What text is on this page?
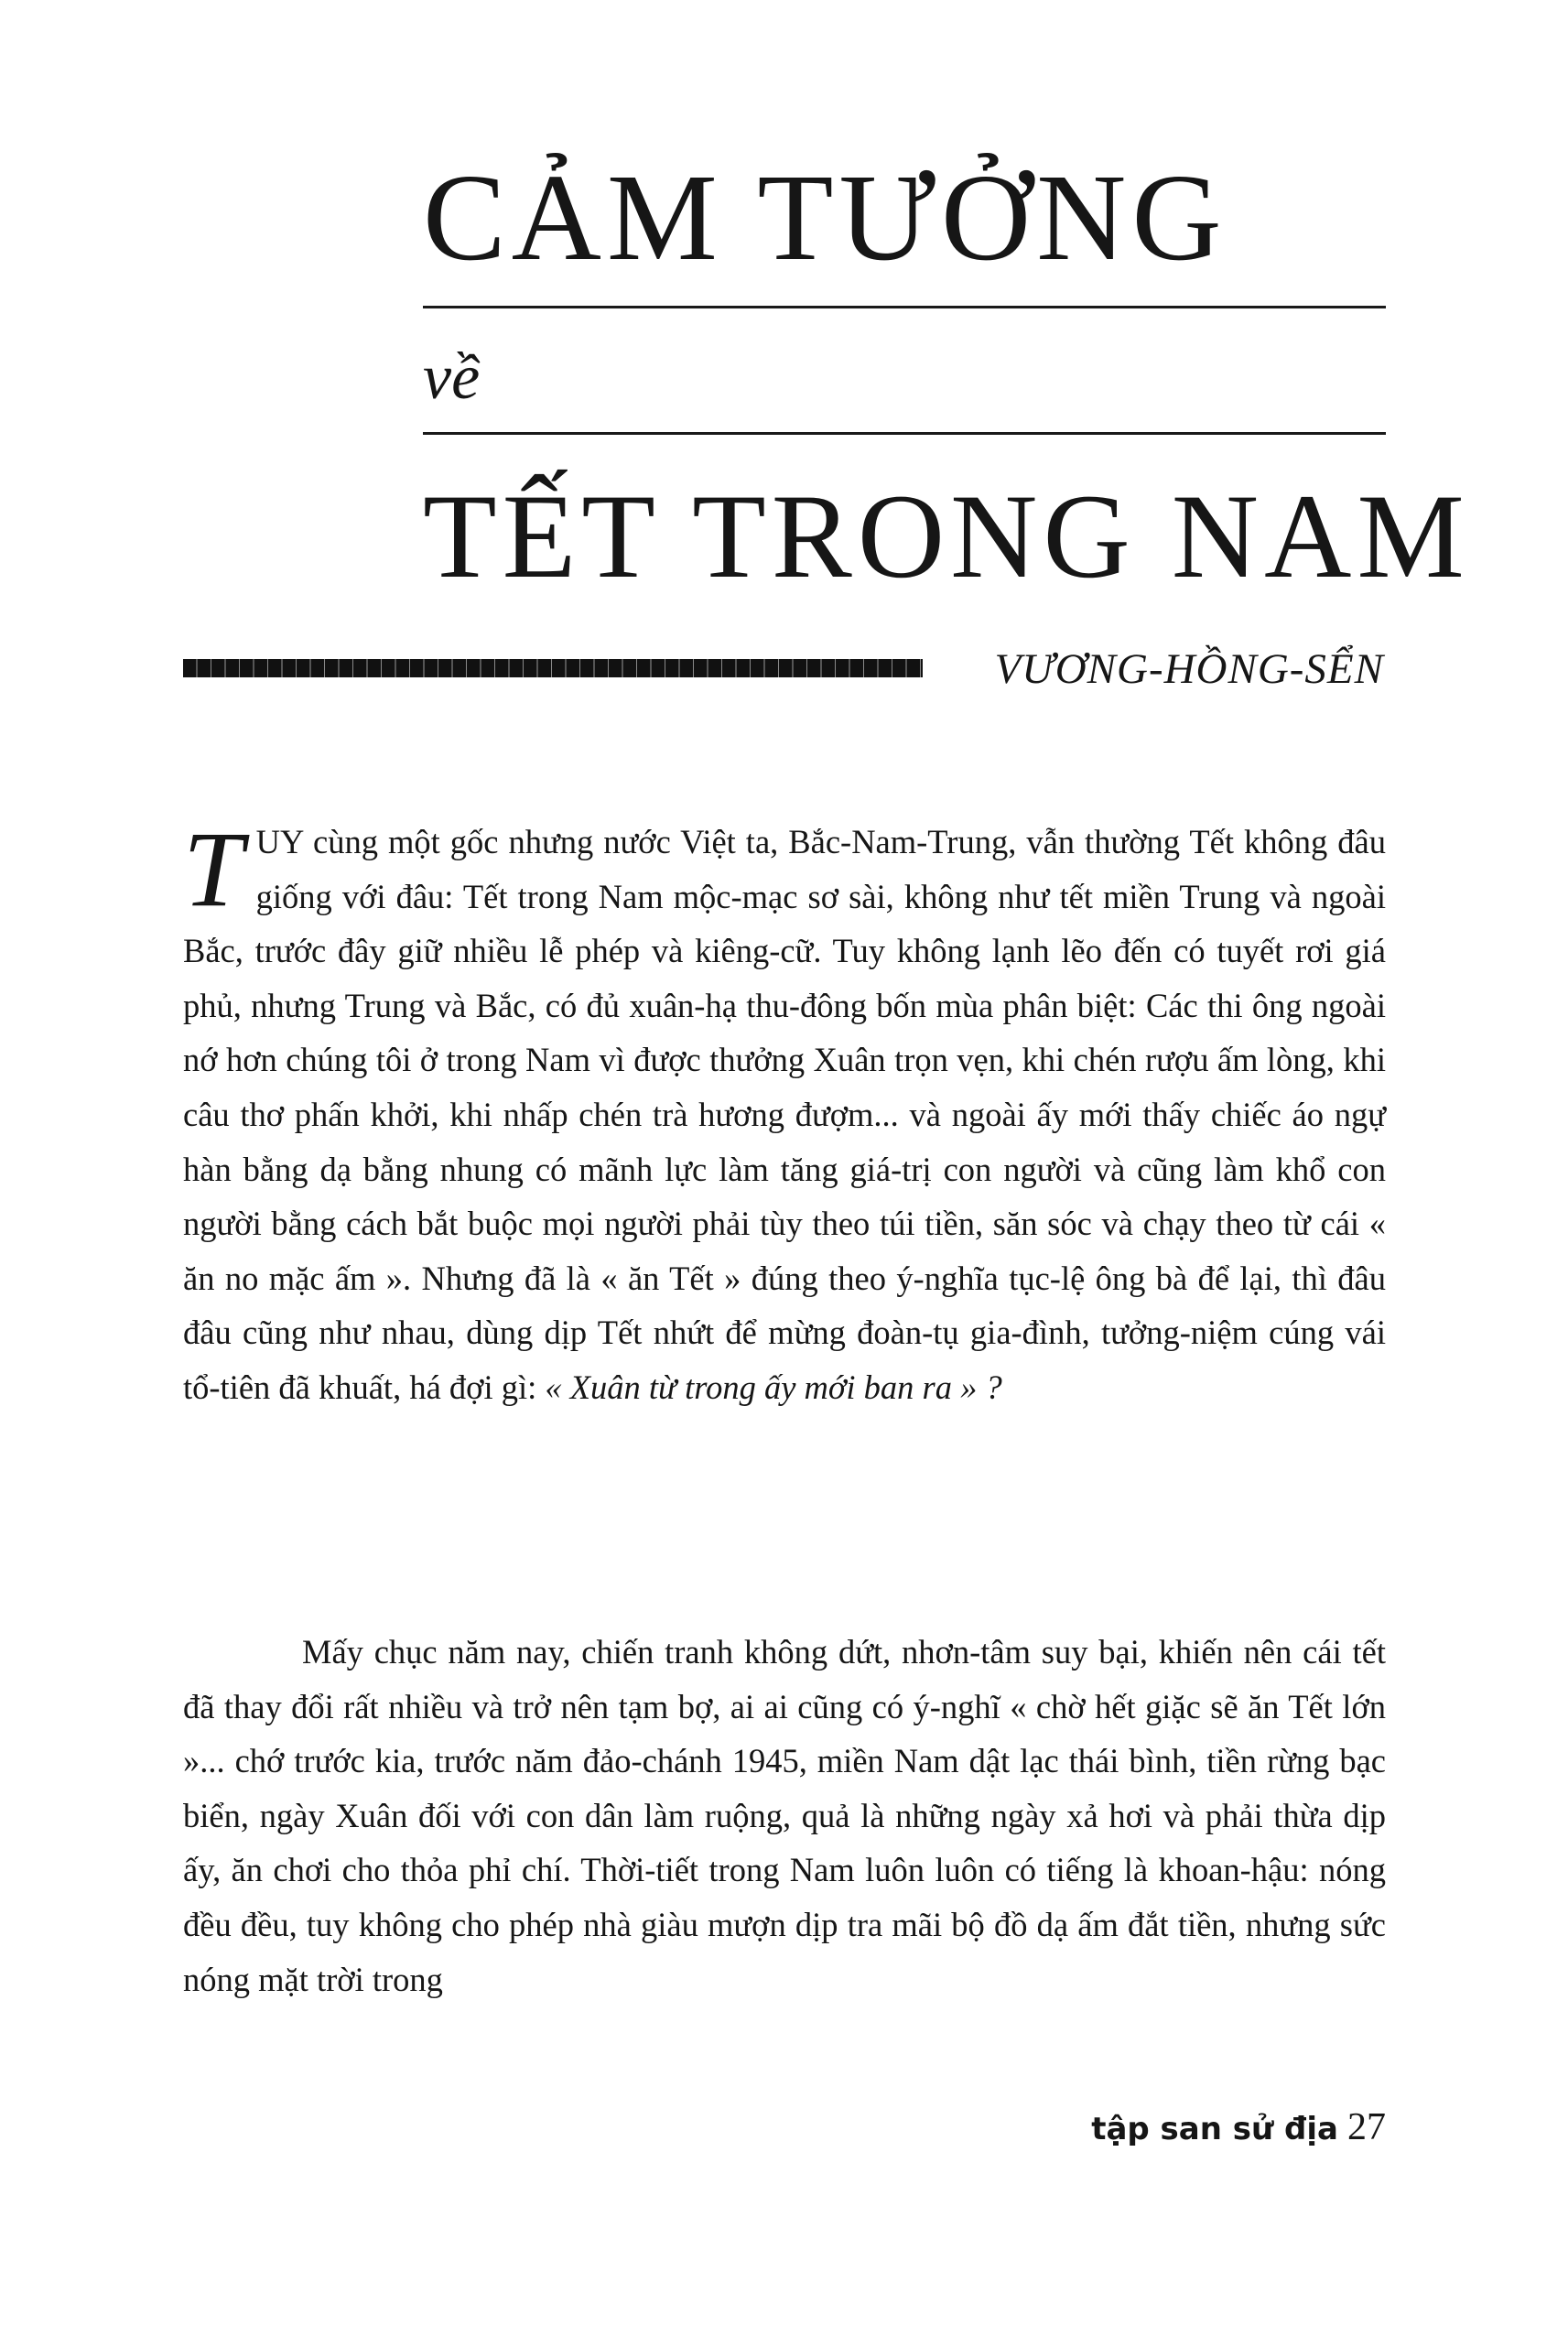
CẢM TƯỞNG

về

TẾT TRONG NAM

VƯƠNG-HỒNG-SỂN

TUY cùng một gốc nhưng nước Việt ta, Bắc-Nam-Trung, vẫn thường Tết không đâu giống với đâu: Tết trong Nam mộc-mạc sơ sài, không như tết miền Trung và ngoài Bắc, trước đây giữ nhiều lễ phép và kiêng-cữ. Tuy không lạnh lẽo đến có tuyết rơi giá phủ, nhưng Trung và Bắc, có đủ xuân-hạ thu-đông bốn mùa phân biệt: Các thi ông ngoài nớ hơn chúng tôi ở trong Nam vì được thưởng Xuân trọn vẹn, khi chén rượu ấm lòng, khi câu thơ phấn khởi, khi nhấp chén trà hương đượm... và ngoài ấy mới thấy chiếc áo ngự hàn bằng dạ bằng nhung có mãnh lực làm tăng giá-trị con người và cũng làm khổ con người bằng cách bắt buộc mọi người phải tùy theo túi tiền, săn sóc và chạy theo từ cái « ăn no mặc ấm ». Nhưng đã là « ăn Tết » đúng theo ý-nghĩa tục-lệ ông bà để lại, thì đâu đâu cũng như nhau, dùng dịp Tết nhứt để mừng đoàn-tụ gia-đình, tưởng-niệm cúng vái tổ-tiên đã khuất, há đợi gì: « Xuân từ trong ấy mới ban ra » ?

Mấy chục năm nay, chiến tranh không dứt, nhơn-tâm suy bại, khiến nên cái tết đã thay đổi rất nhiều và trở nên tạm bợ, ai ai cũng có ý-nghĩ « chờ hết giặc sẽ ăn Tết lớn »... chớ trước kia, trước năm đảo-chánh 1945, miền Nam dật lạc thái bình, tiền rừng bạc biển, ngày Xuân đối với con dân làm ruộng, quả là những ngày xả hơi và phải thừa dịp ấy, ăn chơi cho thỏa phỉ chí. Thời-tiết trong Nam luôn luôn có tiếng là khoan-hậu: nóng đều đều, tuy không cho phép nhà giàu mượn dịp tra mãi bộ đồ dạ ấm đắt tiền, nhưng sức nóng mặt trời trong

tập san sử địa 27
